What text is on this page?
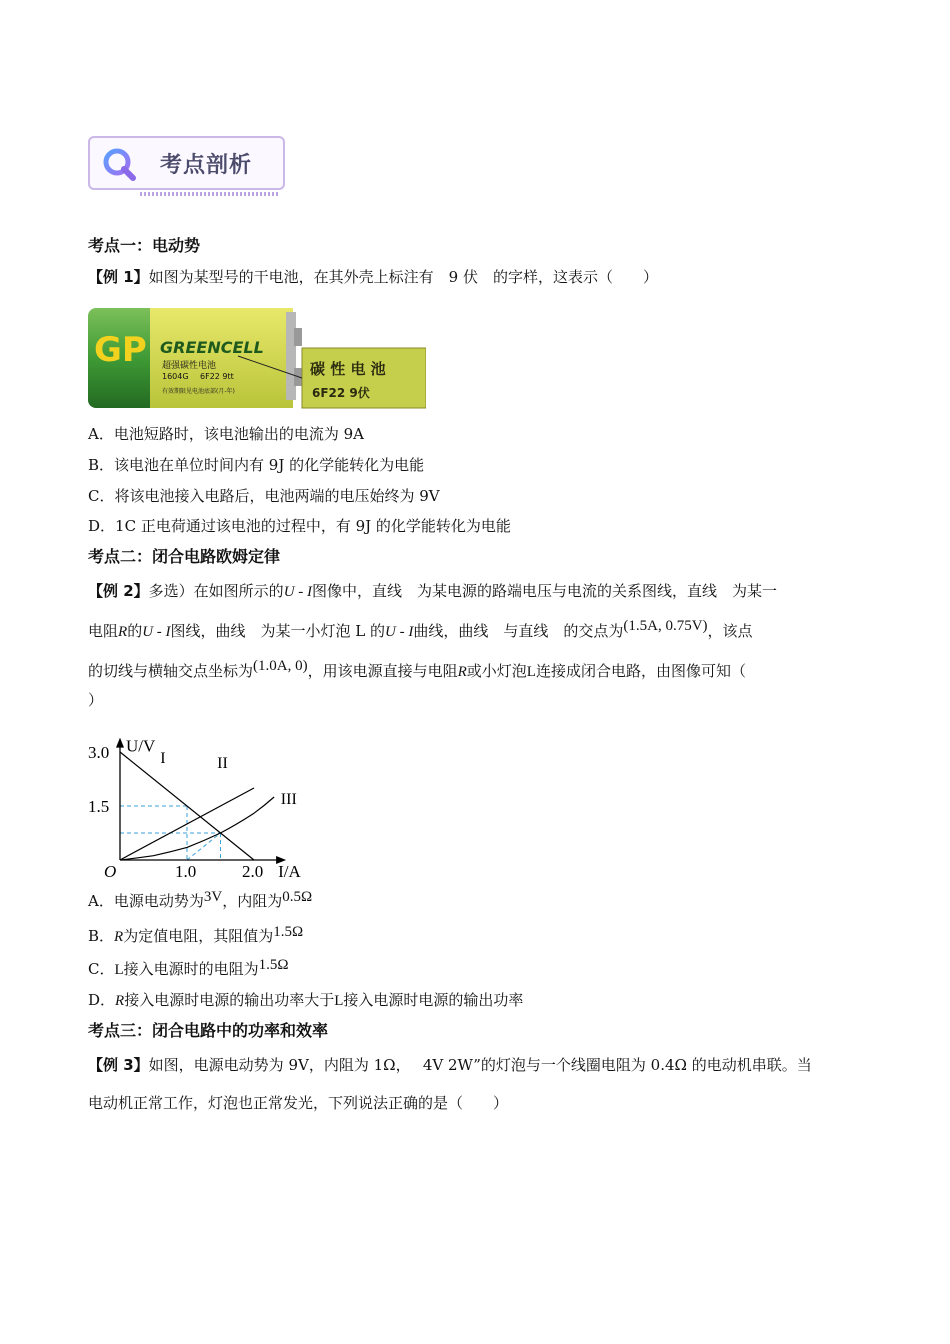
考点剖析
考点一：电动势
【例 1】如图为某型号的干电池，在其外壳上标注有　9 伏　的字样，这表示（　　）
GP GREENCELL
超强碳性电池
1604G 6F22 9tt
有效期限见电池底部(月-年)
碳 性 电 池
6F22 9伏
A．电池短路时，该电池输出的电流为 9A
B．该电池在单位时间内有 9J 的化学能转化为电能
C．将该电池接入电路后，电池两端的电压始终为 9V
D．1C 正电荷通过该电池的过程中，有 9J 的化学能转化为电能
考点二：闭合电路欧姆定律
【例 2】多选）在如图所示的U - I图像中，直线　为某电源的路端电压与电流的关系图线，直线　为某一
电阻R的U - I图线，曲线　为某一小灯泡 L 的U - I曲线，曲线　与直线　的交点为(1.5A, 0.75V)，该点
的切线与横轴交点坐标为(1.0A, 0)，用该电源直接与电阻R或小灯泡L连接成闭合电路，由图像可知（
）
I	II
III
1.0	2.0
3.0
1.5
O	I/A
U/V
A．电源电动势为3V，内阻为0.5Ω
B．R为定值电阻，其阻值为1.5Ω
C．L接入电源时的电阻为1.5Ω
D．R接入电源时电源的输出功率大于L接入电源时电源的输出功率
考点三：闭合电路中的功率和效率
【例 3】如图，电源电动势为 9V，内阻为 1Ω，　 4V 2W”的灯泡与一个线圈电阻为 0.4Ω 的电动机串联。当
电动机正常工作，灯泡也正常发光，下列说法正确的是（　　）
